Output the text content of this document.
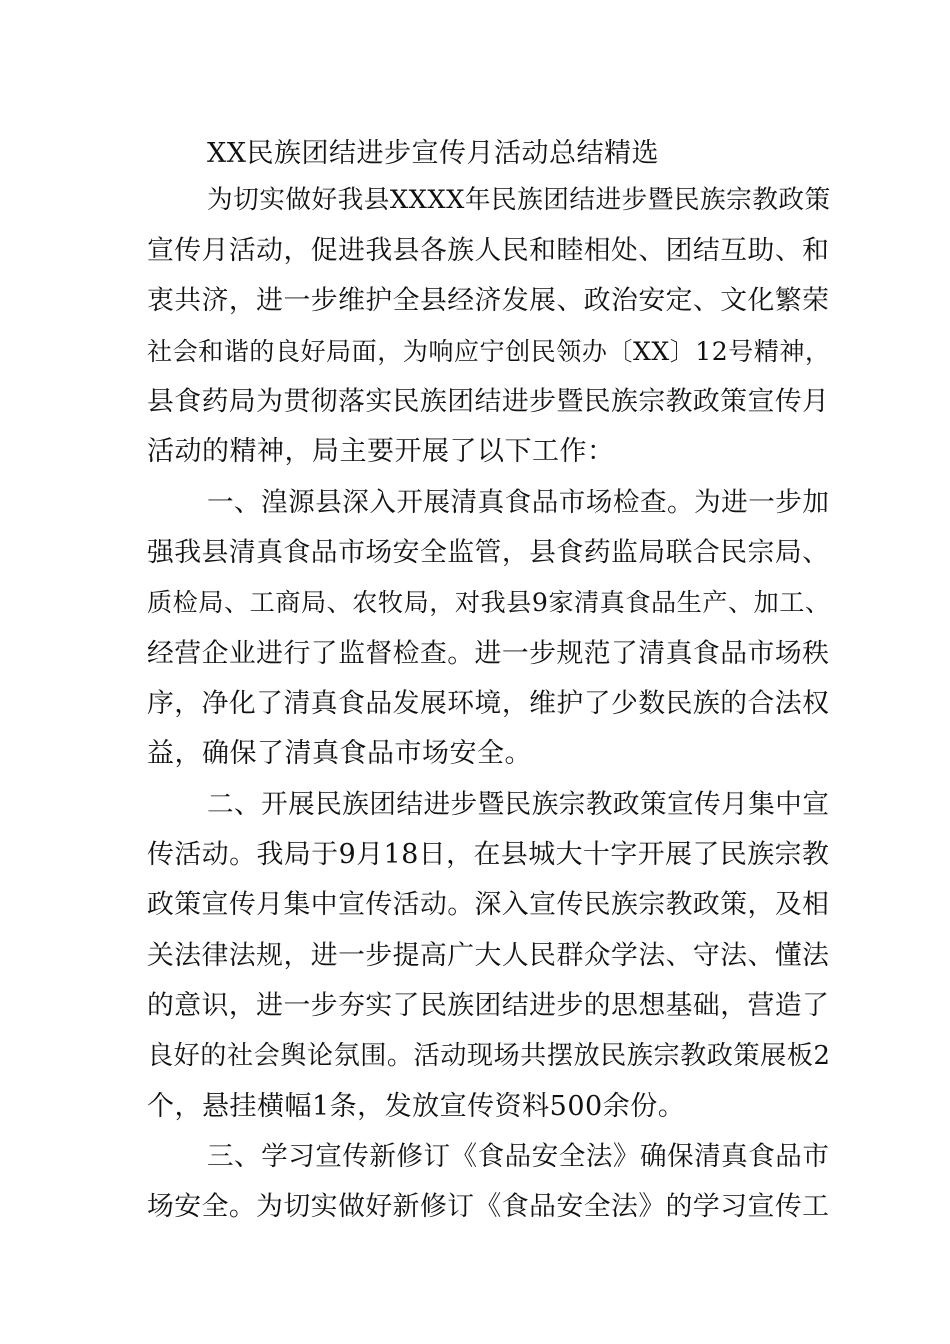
XX民族团结进步宣传月活动总结精选
为切实做好我县XXXX年民族团结进步暨民族宗教政策
宣传月活动，促进我县各族人民和睦相处、团结互助、和
衷共济，进一步维护全县经济发展、政治安定、文化繁荣
社会和谐的良好局面，为响应宁创民领办〔XX〕12号精神，
县食药局为贯彻落实民族团结进步暨民族宗教政策宣传月
活动的精神，局主要开展了以下工作：
一、湟源县深入开展清真食品市场检查。为进一步加
强我县清真食品市场安全监管，县食药监局联合民宗局、
质检局、工商局、农牧局，对我县9家清真食品生产、加工、
经营企业进行了监督检查。进一步规范了清真食品市场秩
序，净化了清真食品发展环境，维护了少数民族的合法权
益，确保了清真食品市场安全。
二、开展民族团结进步暨民族宗教政策宣传月集中宣
传活动。我局于9月18日，在县城大十字开展了民族宗教
政策宣传月集中宣传活动。深入宣传民族宗教政策，及相
关法律法规，进一步提高广大人民群众学法、守法、懂法
的意识，进一步夯实了民族团结进步的思想基础，营造了
良好的社会舆论氛围。活动现场共摆放民族宗教政策展板2
个，悬挂横幅1条，发放宣传资料500余份。
三、学习宣传新修订《食品安全法》确保清真食品市
场安全。为切实做好新修订《食品安全法》的学习宣传工
